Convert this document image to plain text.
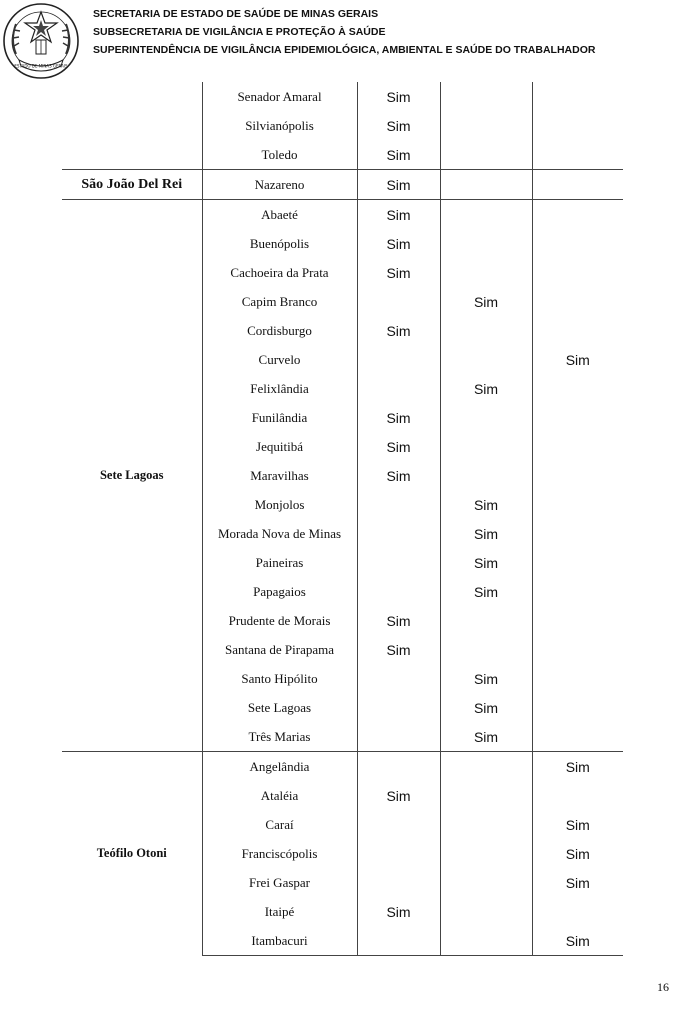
ESTADO DE MINAS GERAIS
SECRETARIA DE ESTADO DE SAÚDE DE MINAS GERAIS
SUBSECRETARIA DE VIGILÂNCIA E PROTEÇÃO À SAÚDE
SUPERINTENDÊNCIA DE VIGILÂNCIA EPIDEMIOLÓGICA, AMBIENTAL E SAÚDE DO TRABALHADOR
	Senador Amaral	Sim		
	Silvianópolis	Sim		
	Toledo	Sim		
São João Del Rei	Nazareno	Sim		
Sete Lagoas	Abaeté	Sim		
	Buenópolis	Sim		
	Cachoeira da Prata	Sim		
	Capim Branco		Sim	
	Cordisburgo	Sim		
	Curvelo			Sim
	Felixlândia		Sim	
	Funilândia	Sim		
	Jequitibá	Sim		
	Maravilhas	Sim		
	Monjolos		Sim	
	Morada Nova de Minas		Sim	
	Paineiras		Sim	
	Papagaios		Sim	
	Prudente de Morais	Sim		
	Santana de Pirapama	Sim		
	Santo Hipólito		Sim	
	Sete Lagoas		Sim	
	Três Marias		Sim	
Teófilo Otoni	Angelândia			Sim
	Ataléia	Sim		
	Caraí			Sim
	Franciscópolis			Sim
	Frei Gaspar			Sim
	Itaipé	Sim		
	Itambacuri			Sim
16
